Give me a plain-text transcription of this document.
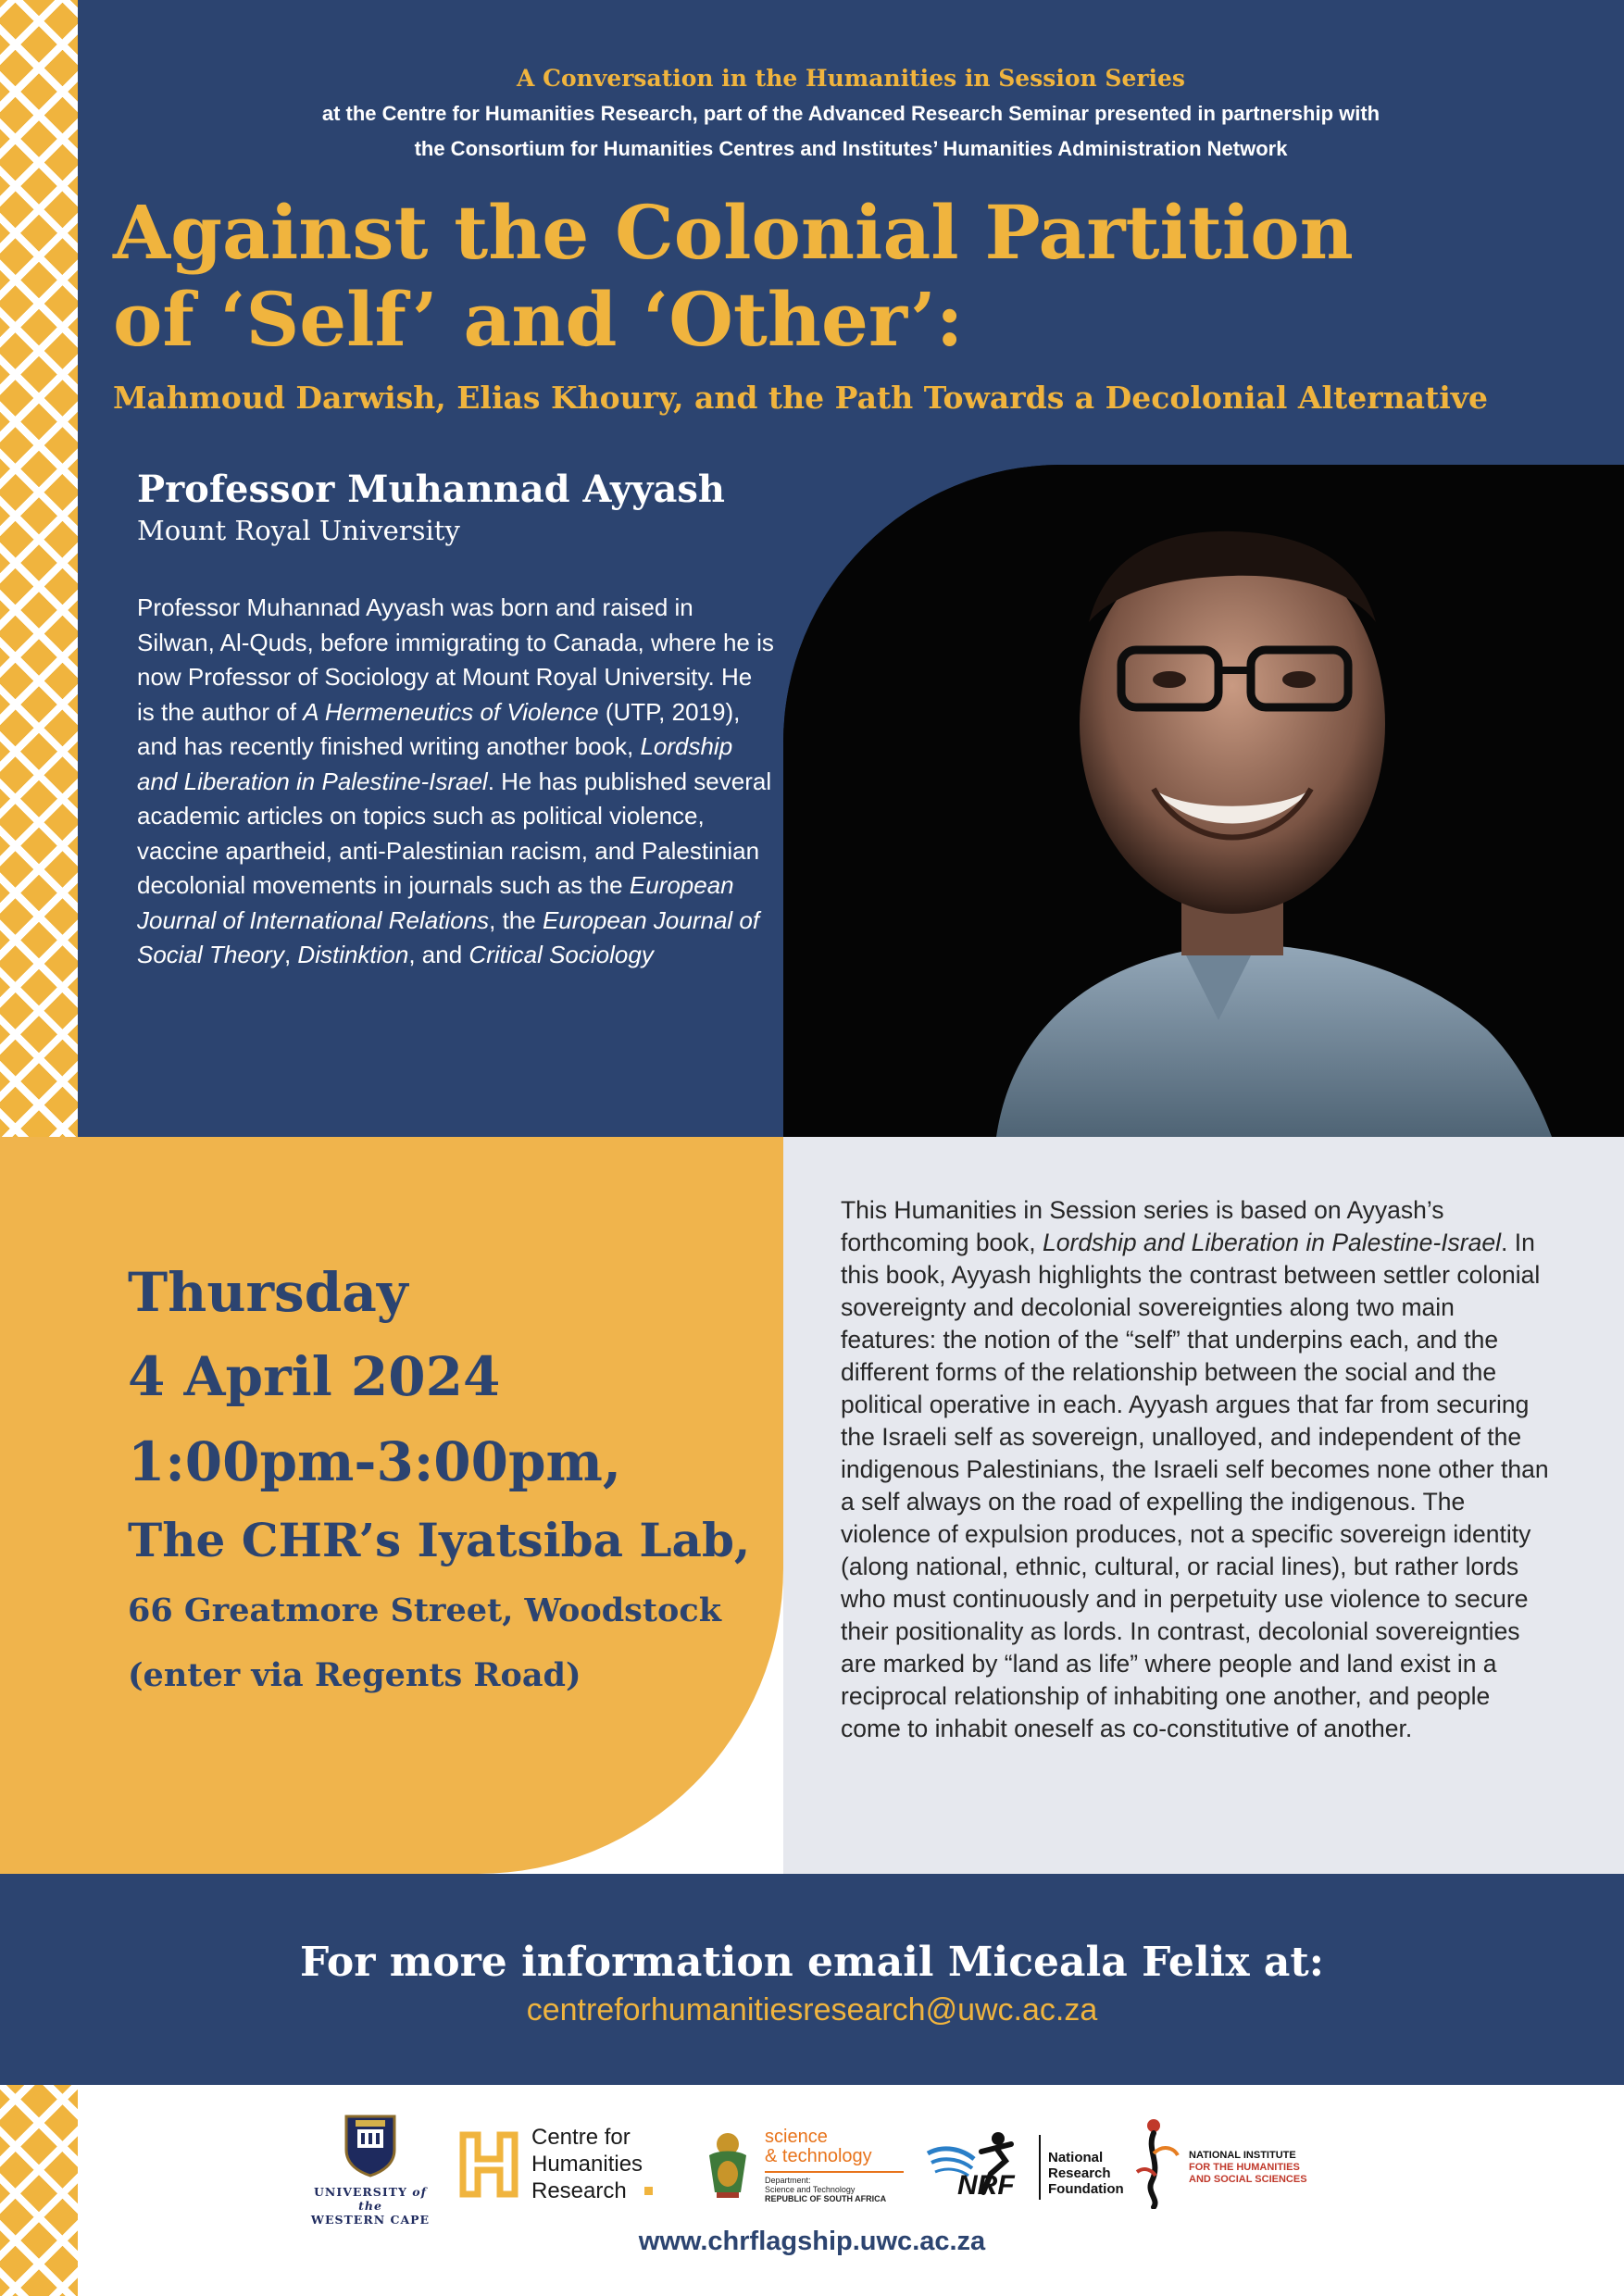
A Conversation in the Humanities in Session Series
at the Centre for Humanities Research, part of the Advanced Research Seminar presented in partnership with
the Consortium for Humanities Centres and Institutes’ Humanities Administration Network
Against the Colonial Partition
of ‘Self’ and ‘Other’:
Mahmoud Darwish, Elias Khoury, and the Path Towards a Decolonial Alternative
Professor Muhannad Ayyash
Mount Royal University
Professor Muhannad Ayyash was born and raised in Silwan, Al-Quds, before immigrating to Canada, where he is now Professor of Sociology at Mount Royal University. He is the author of A Hermeneutics of Violence (UTP, 2019), and has recently finished writing another book, Lordship and Liberation in Palestine-Israel. He has published several academic articles on topics such as political violence, vaccine apartheid, anti-Palestinian racism, and Palestinian decolonial movements in journals such as the European Journal of International Relations, the European Journal of Social Theory, Distinktion, and Critical Sociology
Thursday
4 April 2024
1:00pm-3:00pm,
The CHR’s Iyatsiba Lab,
66 Greatmore Street, Woodstock
(enter via Regents Road)
This Humanities in Session series is based on Ayyash’s forthcoming book, Lordship and Liberation in Palestine-Israel. In this book, Ayyash highlights the contrast between settler colonial sovereignty and decolonial sovereignties along two main features: the notion of the “self” that underpins each, and the different forms of the relationship between the social and the political operative in each. Ayyash argues that far from securing the Israeli self as sovereign, unalloyed, and independent of the indigenous Palestinians, the Israeli self becomes none other than a self always on the road of expelling the indigenous. The violence of expulsion produces, not a specific sovereign identity (along national, ethnic, cultural, or racial lines), but rather lords who must continuously and in perpetuity use violence to secure their positionality as lords. In contrast, decolonial sovereignties are marked by “land as life” where people and land exist in a reciprocal relationship of inhabiting one another, and people come to inhabit oneself as co-constitutive of another.
For more information email Miceala Felix at:
centreforhumanitiesresearch@uwc.ac.za
UNIVERSITY of the
WESTERN CAPE
Centre for
Humanities
Research
science
& technology
Department:
Science and Technology
REPUBLIC OF SOUTH AFRICA	NRF
National
Research
Foundation
NATIONAL INSTITUTE
FOR THE HUMANITIES
AND SOCIAL SCIENCES
www.chrflagship.uwc.ac.za
